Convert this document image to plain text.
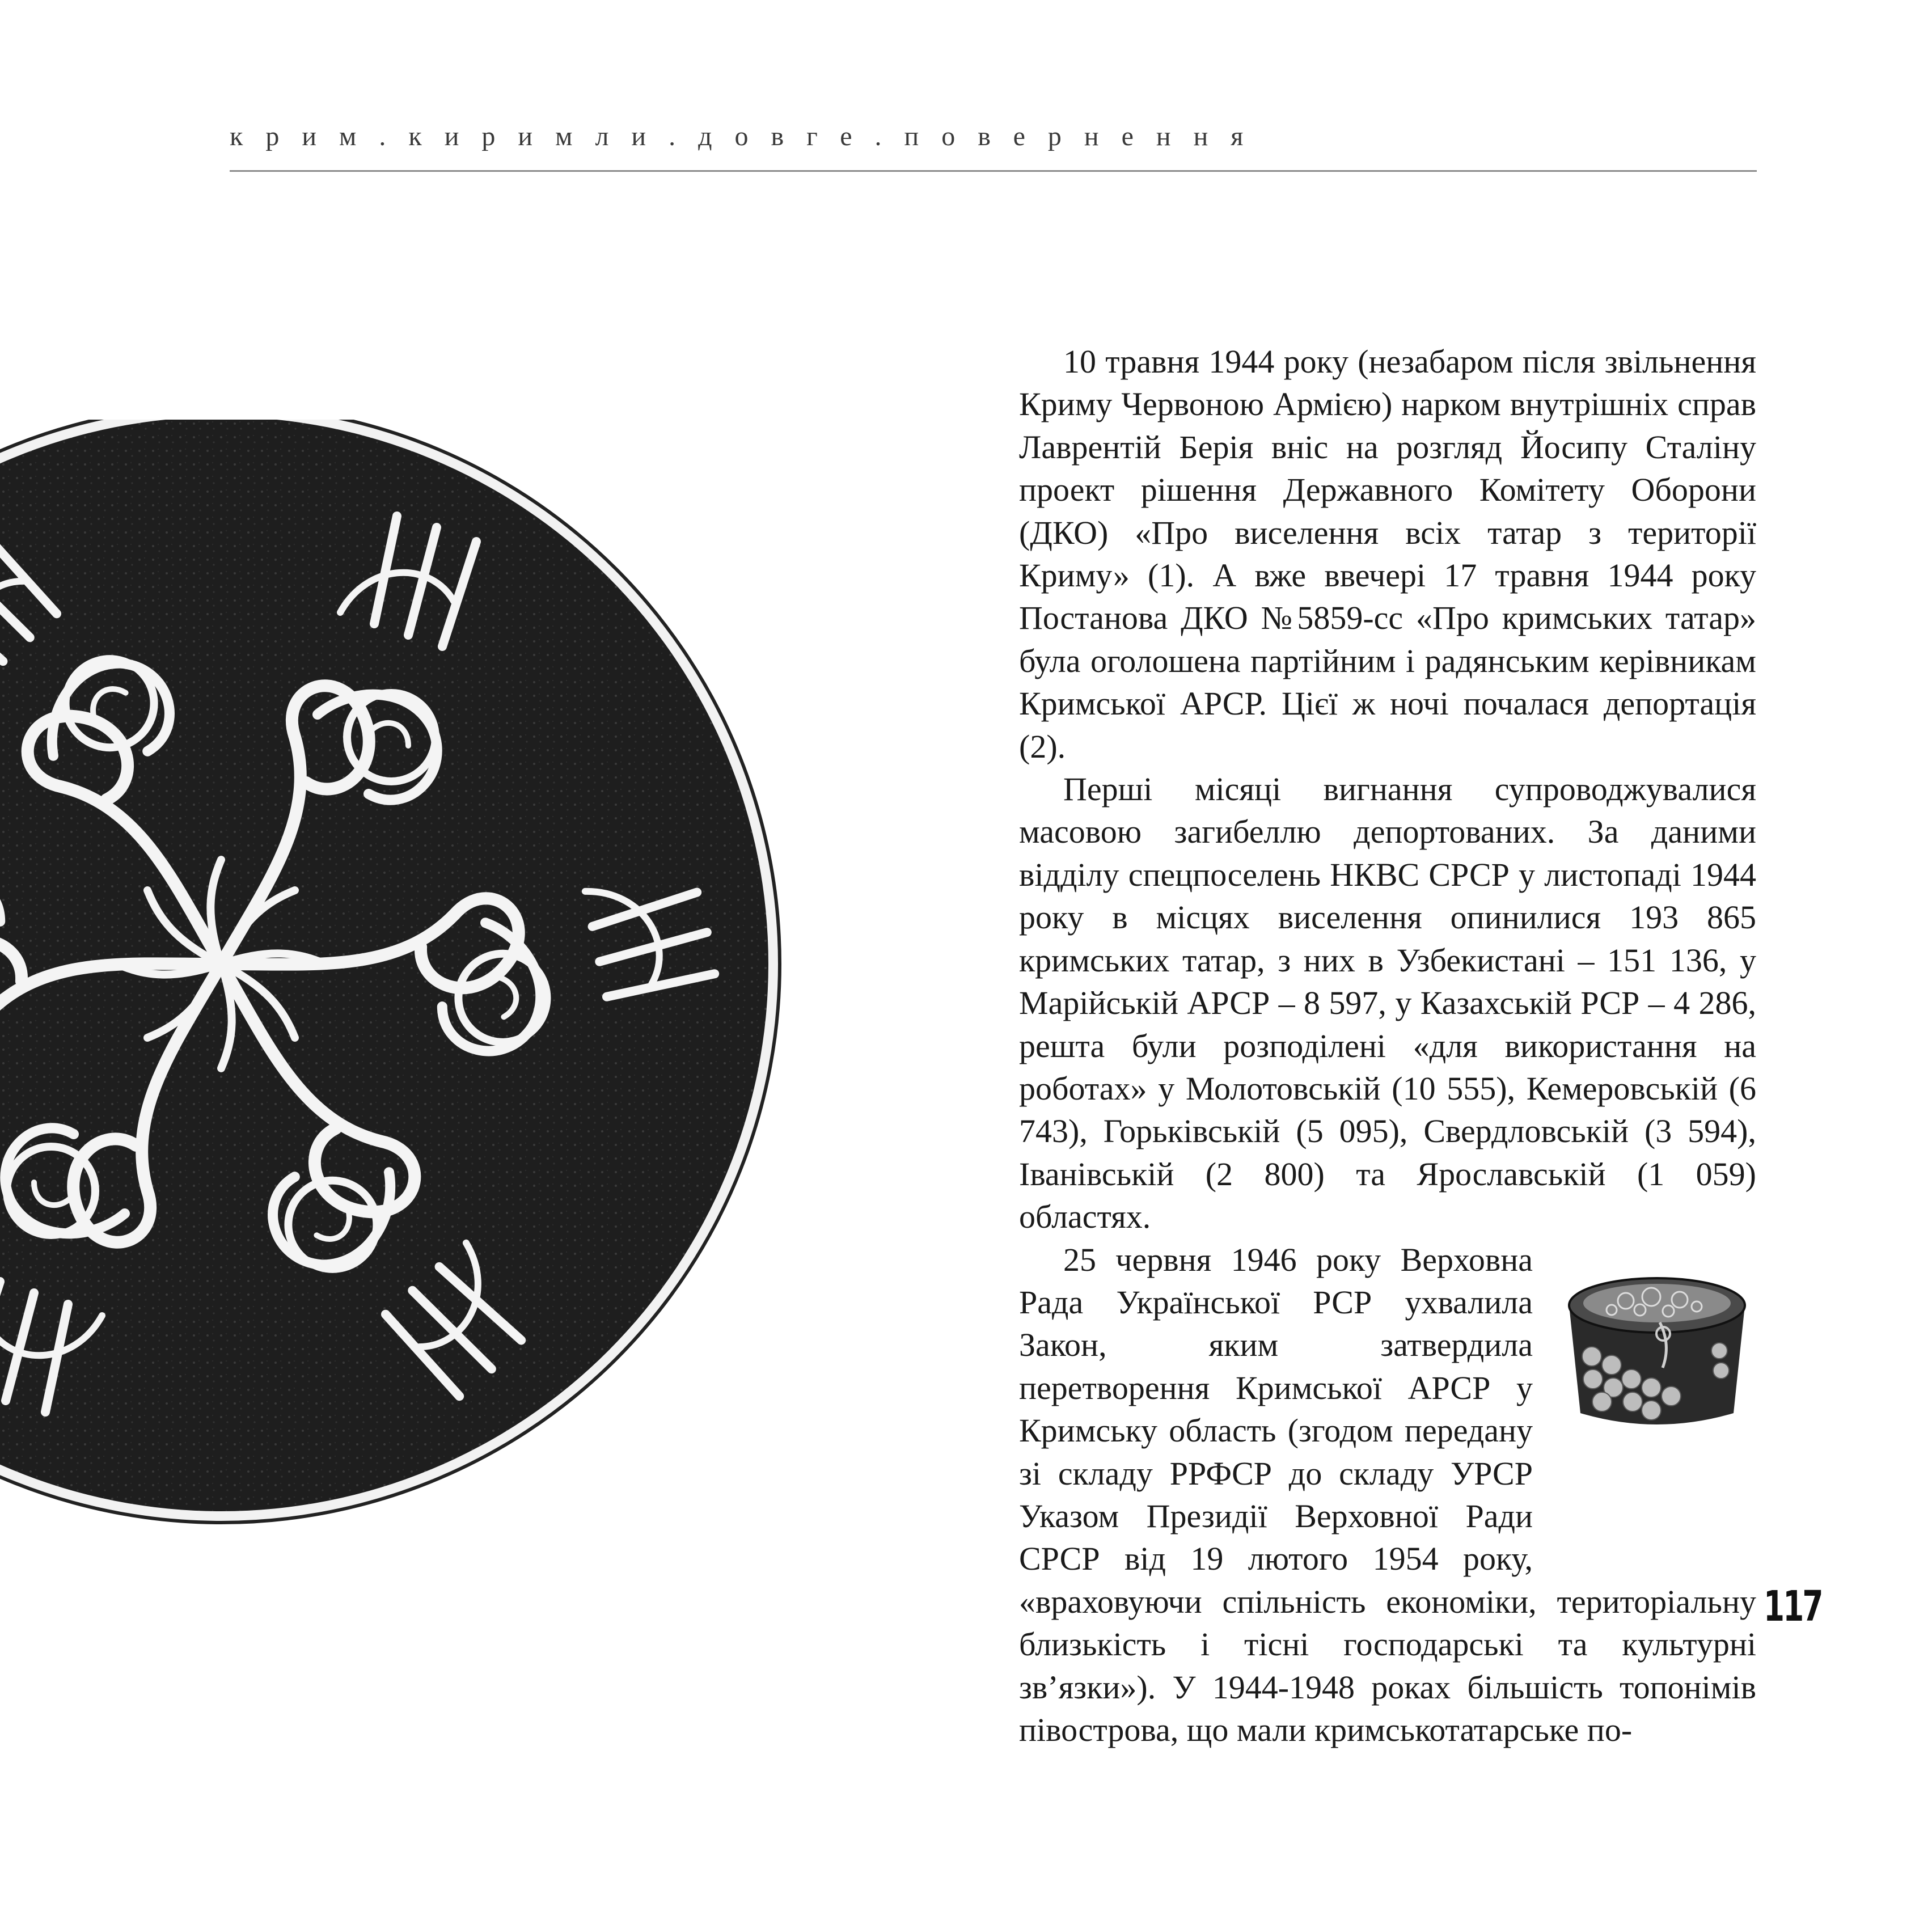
крим.киримли.довге.повернення

10 травня 1944 року (незабаром після звільнення Криму Червоною Армією) нарком внутрішніх справ Лаврентій Берія вніс на розгляд Йосипу Сталіну проект рішення Державного Комітету Оборони (ДКО) «Про виселення всіх татар з території Криму» (1). А вже ввечері 17 травня 1944 року Постанова ДКО №5859-сс «Про кримських татар» була оголошена партійним і радянським керівникам Кримської АРСР. Цієї ж ночі почалася депортація (2).

Перші місяці вигнання супроводжувалися масовою загибеллю депортованих. За даними відділу спецпоселень НКВС СРСР у листопаді 1944 року в місцях виселення опинилися 193 865 кримських татар, з них в Узбекистані – 151 136, у Марійській АРСР – 8 597, у Казахській РСР – 4 286, решта були розподілені «для використання на роботах» у Молотовській (10 555), Кемеровській (6 743), Горьківській (5 095), Свердловській (3 594), Іванівській (2 800) та Ярославській (1 059) областях.

25 червня 1946 року Верховна Рада Української РСР ухвалила Закон, яким затвердила перетворення Кримської АРСР у Кримську область (згодом передану зі складу РРФСР до складу УРСР Указом Президії Верховної Ради СРСР від 19 лютого 1954 року, «враховуючи спільність економіки, територіальну близькість і тісні господарські та культурні зв’язки»). У 1944-1948 роках більшість топонімів півострова, що мали кримськотатарське по-

117
